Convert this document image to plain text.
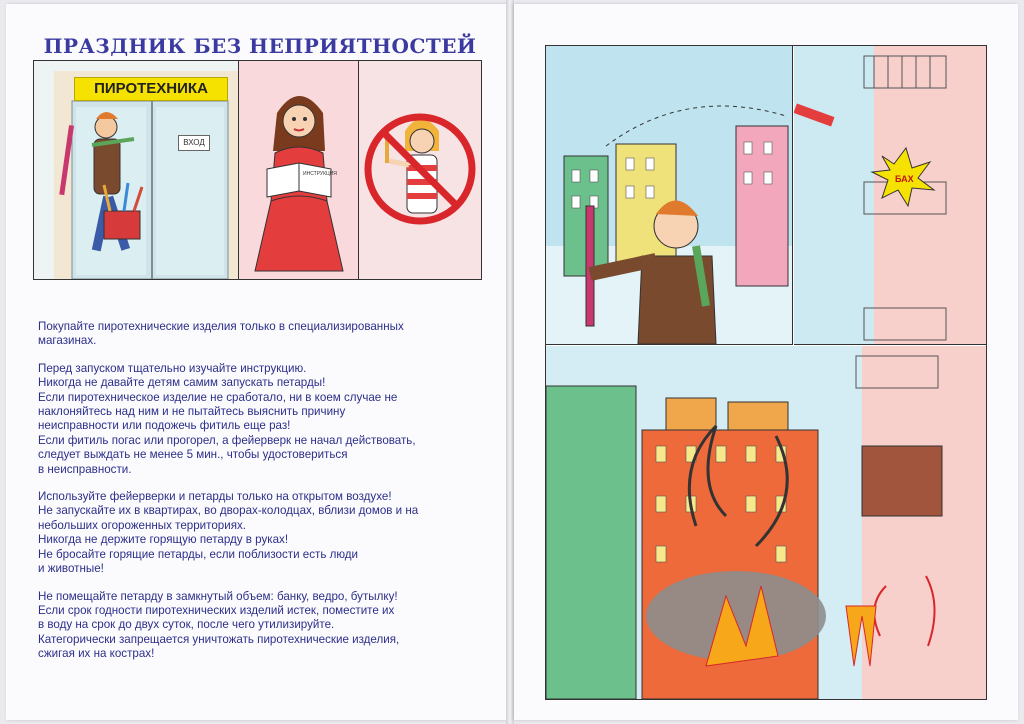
ПРАЗДНИК БЕЗ НЕПРИЯТНОСТЕЙ
ПИРОТЕХНИКА
ВХОД
ИНСТРУКЦИЯ

Покупайте пиротехнические изделия только в специализированных
магазинах.

Перед запуском тщательно изучайте инструкцию.
Никогда не давайте детям самим запускать петарды!
Если пиротехническое изделие не сработало, ни в коем случае не
наклоняйтесь над ним и не пытайтесь выяснить причину
неисправности или подожечь фитиль еще раз!
Если фитиль погас или прогорел, а фейерверк не начал действовать,
следует выждать не менее 5 мин., чтобы удостовериться
в неисправности.

Используйте фейерверки и петарды только на открытом воздухе!
Не запускайте их в квартирах, во дворах-колодцах, вблизи домов и на
небольших огороженных территориях.
Никогда не держите горящую петарду в руках!
Не бросайте горящие петарды, если поблизости есть люди
и животные!

Не помещайте петарду в замкнутый объем: банку, ведро, бутылку!
Если срок годности пиротехнических изделий истек, поместите их
в воду на срок до двух суток, после чего утилизируйте.
Категорически запрещается уничтожать пиротехнические изделия,
сжигая их на кострах!

БАХ
